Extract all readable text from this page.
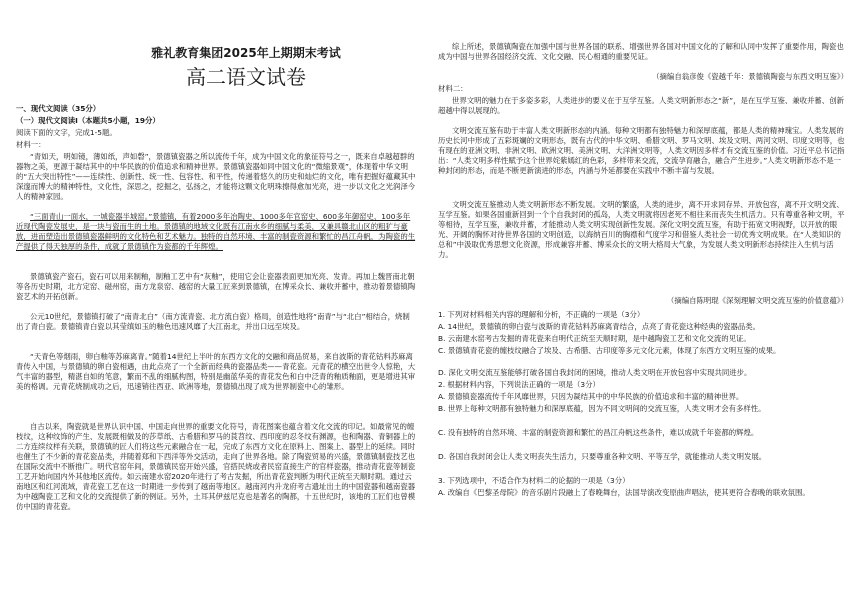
雅礼教育集团2025年上期期末考试
高二语文试卷

一、现代文阅读（35分）

（一）现代文阅读Ⅰ（本题共5小题，19分）

阅读下面的文字，完成1-5题。

材料一：

“青如天，明如镜，薄如纸，声如磬”，景德镇瓷器之所以流传千年，成为中国文化的象征符号之一，既来自卓越超群的器物之美，更源于凝结其中的中华民族的价值追求和精神世界。景德镇瓷器如同中国文化的“微缩景观”，体现着中华文明的“五大突出特性”——连续性、创新性、统一性、包容性、和平性，传递着悠久的历史和灿烂的文化，唯有把握好蕴藏其中深邃而博大的精神特性，文化性，深思之，挖掘之，弘扬之，才能将这颗文化明珠擦得愈加光亮，进一步以文化之光润泽今人的精神家园。

“三面青山一面水，一城瓷器半城窑。”景德镇，有着2000多年冶陶史、1000多年官窑史、600多年御窑史、100多年近现代陶瓷发展史，是一块与瓷而生的土地。景德镇的地域文化既有江南水乡的细腻与柔美，又兼具赣北山区的粗犷与豪放，进而塑造出景德镇瓷器鲜明的文化特色和艺术魅力。独特的自然环境、丰富的制瓷资源和繁忙的昌江舟帆，为陶瓷的生产提供了得天独厚的条件，成就了景德镇作为瓷都的千年辉煌。

景德镇瓷产瓷石，瓷石可以用来制釉，制釉工艺中有“灰釉”，使用它会让瓷器表面更加光亮、发青。再加上魏晋南北朝等各历史时期，北方定窑、磁州窑，南方龙泉窑、越窑的大量工匠来到景德镇，在博采众长、兼收并蓄中，推动着景德镇陶瓷艺术的开拓创新。

公元10世纪，景德镇打破了“南青北白”（南方流青瓷、北方流白瓷）格局，创造性地将“南青”与“北白”相结合，烧制出了青白瓷。景德镇青白瓷以其莹缜如玉的釉色迅速风靡了大江南北，并出口远至埃及。

“天青色等烟雨，卵白釉等苏麻离青。”随着14世纪上半叶的东西方文化的交融和商品贸易，来自波斯的青花钴料苏麻离青传入中国，与景德镇的卵白瓷相遇，由此点亮了一个全新而经典的瓷器品类——青花瓷。元青花的横空出世令人惊艳，大气丰富的器型，精湛自如的笔意，繁而不乱的细腻构图，特别是幽蓝华美的青花发色和白中泛青的釉质釉面，更是增进其审美的格调。元青花烧制成功之后，迅速销往西亚、欧洲等地，景德镇出现了成为世界制瓷中心的雏形。

自古以来，陶瓷就是世界认识中国、中国走向世界的重要文化符号，青花图案也蕴含着文化交流的印记。如最常见的缠枝纹，这种纹饰的产生、发展既相做及的莎草纸、古希腊和罗马的莨苕纹、西印度的忍冬纹有渊源，也和陶器、青铜器上的二方连续纹样有关联，景德镇的匠人们将这些元素融合在一起，完成了东西方文化在原料上、图案上、器型上的延续。同时也催生了不少新的青花瓷品类，并随着郑和下西洋等外交活动，走向了世界各地。除了陶瓷贸易的兴盛，景德镇制瓷技艺也在国际交流中不断推广。明代官窑年间，景德镇民窑开始兴盛，官搭民烧或者民窑直接生产的官样瓷器，推动青花瓷等制瓷工艺开始向国内外其他地区流传。如云南建水窑2020年进行了考古发掘，所出青花瓷判断为明代正统至天顺时期。通过云南地区和红河流域，青花瓷工艺在这一时期进一步传到了越南等地区。越南河内升龙府考古遗址出土的中国瓷器和越南瓷器为中越陶瓷工艺和文化的交流提供了新的例证。另外，土耳其伊兹尼克也是著名的陶都，十五世纪时，该地的工匠们也曾模仿中国的青花瓷。

综上所述，景德镇陶瓷在加强中国与世界各国的联系、增强世界各国对中国文化的了解和认同中发挥了重要作用，陶瓷也成为中国与世界各国经济交流、文化交融、民心相通的重要见证。

（摘编自翁彦俊《瓷越千年：景德镇陶瓷与东西文明互鉴》）

材料二：

世界文明的魅力在于多姿多彩，人类进步的要义在于互学互鉴。人类文明新形态之“新”，是在互学互鉴、兼收并蓄、创新超越中得以展现的。

文明交流互鉴有助于丰富人类文明新形态的内涵。每种文明都有独特魅力和深厚底蕴，都是人类的精神瑰宝。人类发展的历史长河中形成了五彩斑斓的文明形态，既有古代的中华文明、希腊文明、罗马文明、埃及文明、两河文明、印度文明等，也有现在的亚洲文明、非洲文明、欧洲文明、美洲文明、大洋洲文明等，人类文明因多样才有交流互鉴的价值。习近平总书记指出：“人类文明多样性赋予这个世界姹紫嫣红的色彩，多样带来交流，交流孕育融合，融合产生进步。”人类文明新形态不是一种封闭的形态，而是不断更新演进的形态，内涵与外延都要在实践中不断丰富与发展。

文明交流互鉴推动人类文明新形态不断发展。文明的繁盛，人类的进步，离不开求同存异、开放包容，离不开文明交流、互学互鉴。如果各国重新回到一个个自我封闭的孤岛，人类文明就将因老死不相往来而丧失生机活力。只有尊重各种文明，平等相待，互学互鉴，兼收并蓄，才能推动人类文明实现创新性发展。深化文明交流互鉴，有助于拓宽文明视野，以开放的眼光、开阔的胸怀对待世界各国的文明创造，以海纳百川的胸襟和气度学习和借鉴人类社会一切优秀文明成果。在“人类知识的总和”中汲取优秀思想文化资源，形成兼容并蓄、博采众长的文明大格局大气象，为发展人类文明新形态持续注入生机与活力。

（摘编自陈明琨《深刻理解文明交流互鉴的价值意蕴》）

1. 下列对材料相关内容的理解和分析，不正确的一项是（3分）

A. 14世纪，景德镇的卵白瓷与波斯的青花钴料苏麻离青结合，点亮了青花瓷这种经典的瓷器品类。

B. 云南建水窑考古发掘的青花瓷来自明代正统至天顺时期，是中越陶瓷工艺和文化交流的见证。

C. 景德镇青花瓷的缠枝纹融合了埃及、古希腊、古印度等多元文化元素，体现了东西方文明互鉴的成果。

D. 深化文明交流互鉴能够打破各国自我封闭的困境，推动人类文明在开放包容中实现共同进步。

2. 根据材料内容，下列说法正确的一项是（3分）

A. 景德镇瓷器流传千年风靡世界，只因为凝结其中的中华民族的价值追求和丰富的精神世界。

B. 世界上每种文明都有独特魅力和深厚底蕴，因为不同文明间的交流互鉴，人类文明才会有多样性。

C. 没有独特的自然环境、丰富的制瓷资源和繁忙的昌江舟帆这些条件，难以成就千年瓷都的辉煌。

D. 各国自我封闭会让人类文明丧失生活力，只要尊重各种文明、平等互学，就能推动人类文明发展。

3. 下列选项中，不适合作为材料二的论据的一项是（3分）

A. 改编自《巴黎圣母院》的音乐剧片段融上了春晚舞台，法国导演改变原曲声唱法，使其更符合春晚的联欢氛围。
